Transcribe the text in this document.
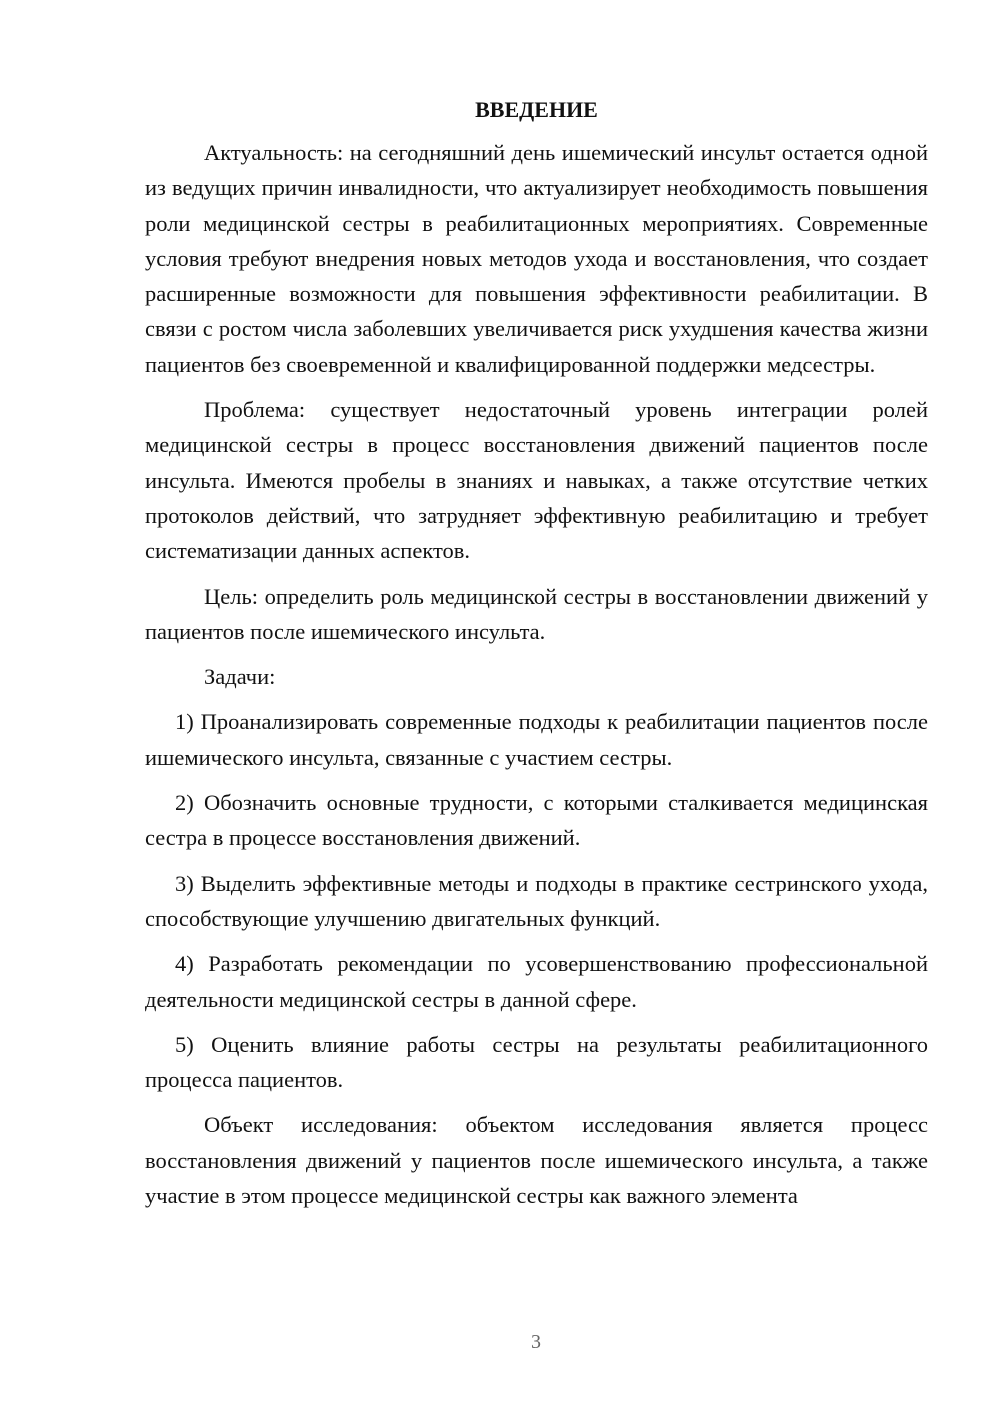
ВВЕДЕНИЕ

Актуальность: на сегодняшний день ишемический инсульт остается одной из ведущих причин инвалидности, что актуализирует необходимость повышения роли медицинской сестры в реабилитационных мероприятиях. Современные условия требуют внедрения новых методов ухода и восстановления, что создает расширенные возможности для повышения эффективности реабилитации. В связи с ростом числа заболевших увеличивается риск ухудшения качества жизни пациентов без своевременной и квалифицированной поддержки медсестры.

Проблема: существует недостаточный уровень интеграции ролей медицинской сестры в процесс восстановления движений пациентов после инсульта. Имеются пробелы в знаниях и навыках, а также отсутствие четких протоколов действий, что затрудняет эффективную реабилитацию и требует систематизации данных аспектов.

Цель: определить роль медицинской сестры в восстановлении движений у пациентов после ишемического инсульта.

Задачи:

1) Проанализировать современные подходы к реабилитации пациентов после ишемического инсульта, связанные с участием сестры.

2) Обозначить основные трудности, с которыми сталкивается медицинская сестра в процессе восстановления движений.

3) Выделить эффективные методы и подходы в практике сестринского ухода, способствующие улучшению двигательных функций.

4) Разработать рекомендации по усовершенствованию профессиональной деятельности медицинской сестры в данной сфере.

5) Оценить влияние работы сестры на результаты реабилитационного процесса пациентов.

Объект исследования: объектом исследования является процесс восстановления движений у пациентов после ишемического инсульта, а также участие в этом процессе медицинской сестры как важного элемента

3
